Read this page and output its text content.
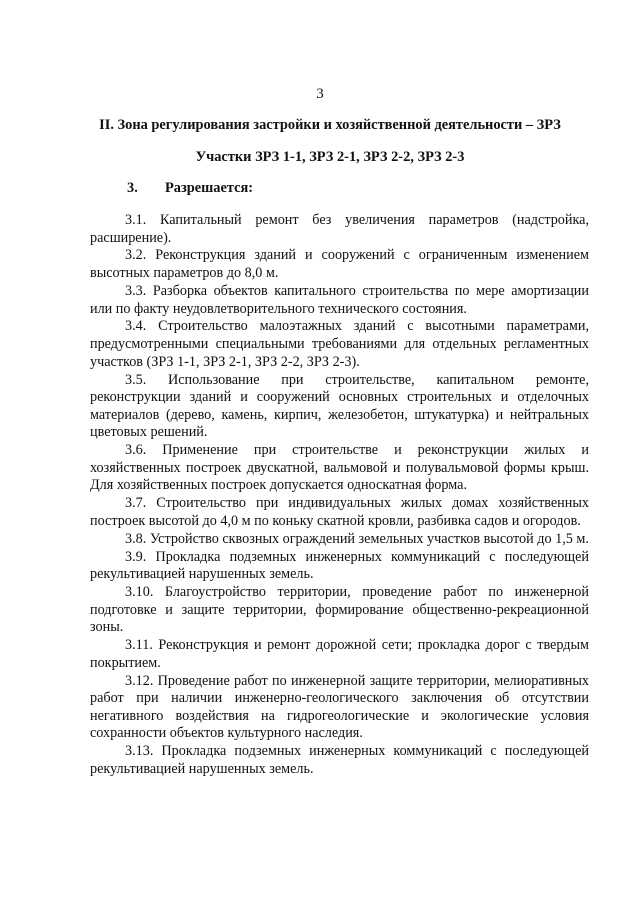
3
II. Зона регулирования застройки и хозяйственной деятельности – ЗРЗ
Участки ЗРЗ 1-1, ЗРЗ 2-1, ЗРЗ 2-2, ЗРЗ 2-3
3. Разрешается:

3.1. Капитальный ремонт без увеличения параметров (надстройка, расширение).

3.2. Реконструкция зданий и сооружений с ограниченным изменением высотных параметров до 8,0 м.

3.3. Разборка объектов капитального строительства по мере амортизации или по факту неудовлетворительного технического состояния.

3.4. Строительство малоэтажных зданий с высотными параметрами, предусмотренными специальными требованиями для отдельных регламентных участков (ЗРЗ 1-1, ЗРЗ 2-1, ЗРЗ 2-2, ЗРЗ 2-3).

3.5. Использование при строительстве, капитальном ремонте, реконструкции зданий и сооружений основных строительных и отделочных материалов (дерево, камень, кирпич, железобетон, штукатурка) и нейтральных цветовых решений.

3.6. Применение при строительстве и реконструкции жилых и хозяйственных построек двускатной, вальмовой и полувальмовой формы крыш. Для хозяйственных построек допускается односкатная форма.

3.7. Строительство при индивидуальных жилых домах хозяйственных построек высотой до 4,0 м по коньку скатной кровли, разбивка садов и огородов.

3.8. Устройство сквозных ограждений земельных участков высотой до 1,5 м.

3.9. Прокладка подземных инженерных коммуникаций с последующей рекультивацией нарушенных земель.

3.10. Благоустройство территории, проведение работ по инженерной подготовке и защите территории, формирование общественно-рекреационной зоны.

3.11. Реконструкция и ремонт дорожной сети; прокладка дорог с твердым покрытием.

3.12. Проведение работ по инженерной защите территории, мелиоративных работ при наличии инженерно-геологического заключения об отсутствии негативного воздействия на гидрогеологические и экологические условия сохранности объектов культурного наследия.

3.13. Прокладка подземных инженерных коммуникаций с последующей рекультивацией нарушенных земель.
